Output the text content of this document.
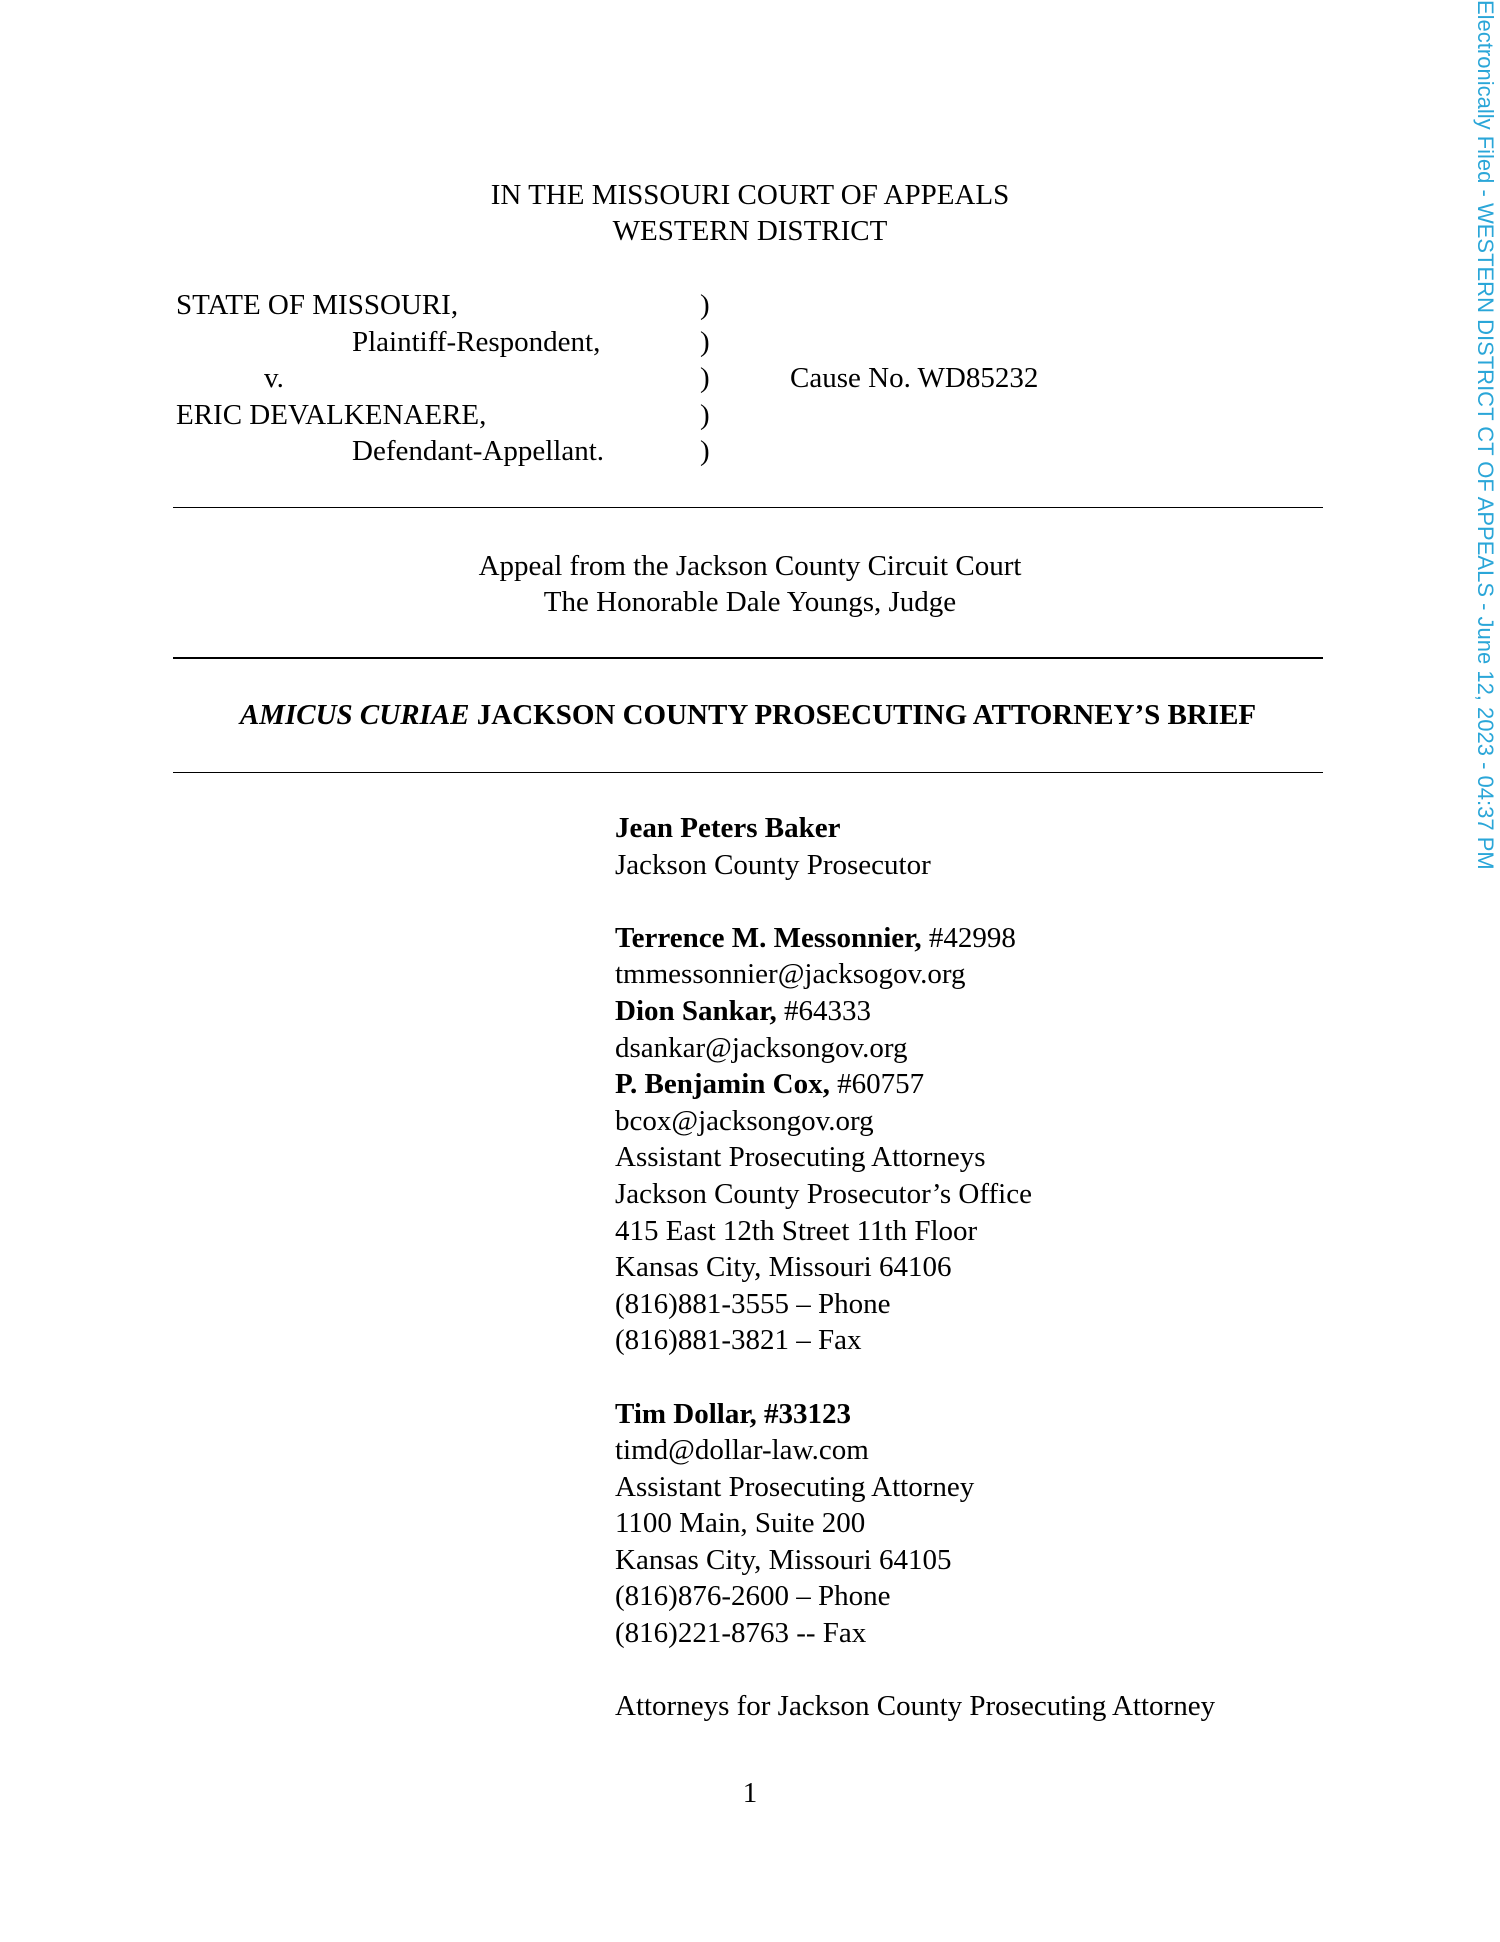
IN THE MISSOURI COURT OF APPEALS
WESTERN DISTRICT
STATE OF MISSOURI,	)
Plaintiff-Respondent,	)
v.	)	Cause No. WD85232
ERIC DEVALKENAERE,	)
Defendant-Appellant.	)
Appeal from the Jackson County Circuit Court
The Honorable Dale Youngs, Judge
AMICUS CURIAE JACKSON COUNTY PROSECUTING ATTORNEY’S BRIEF
Jean Peters Baker
Jackson County Prosecutor
Terrence M. Messonnier, #42998
tmmessonnier@jacksogov.org
Dion Sankar, #64333
dsankar@jacksongov.org
P. Benjamin Cox, #60757
bcox@jacksongov.org
Assistant Prosecuting Attorneys
Jackson County Prosecutor’s Office
415 East 12th Street 11th Floor
Kansas City, Missouri 64106
(816)881-3555 – Phone
(816)881-3821 – Fax
Tim Dollar, #33123
timd@dollar-law.com
Assistant Prosecuting Attorney
1100 Main, Suite 200
Kansas City, Missouri 64105
(816)876-2600 – Phone
(816)221-8763 -- Fax
Attorneys for Jackson County Prosecuting Attorney
1
Electronically Filed - WESTERN DISTRICT CT OF APPEALS - June 12, 2023 - 04:37 PM
